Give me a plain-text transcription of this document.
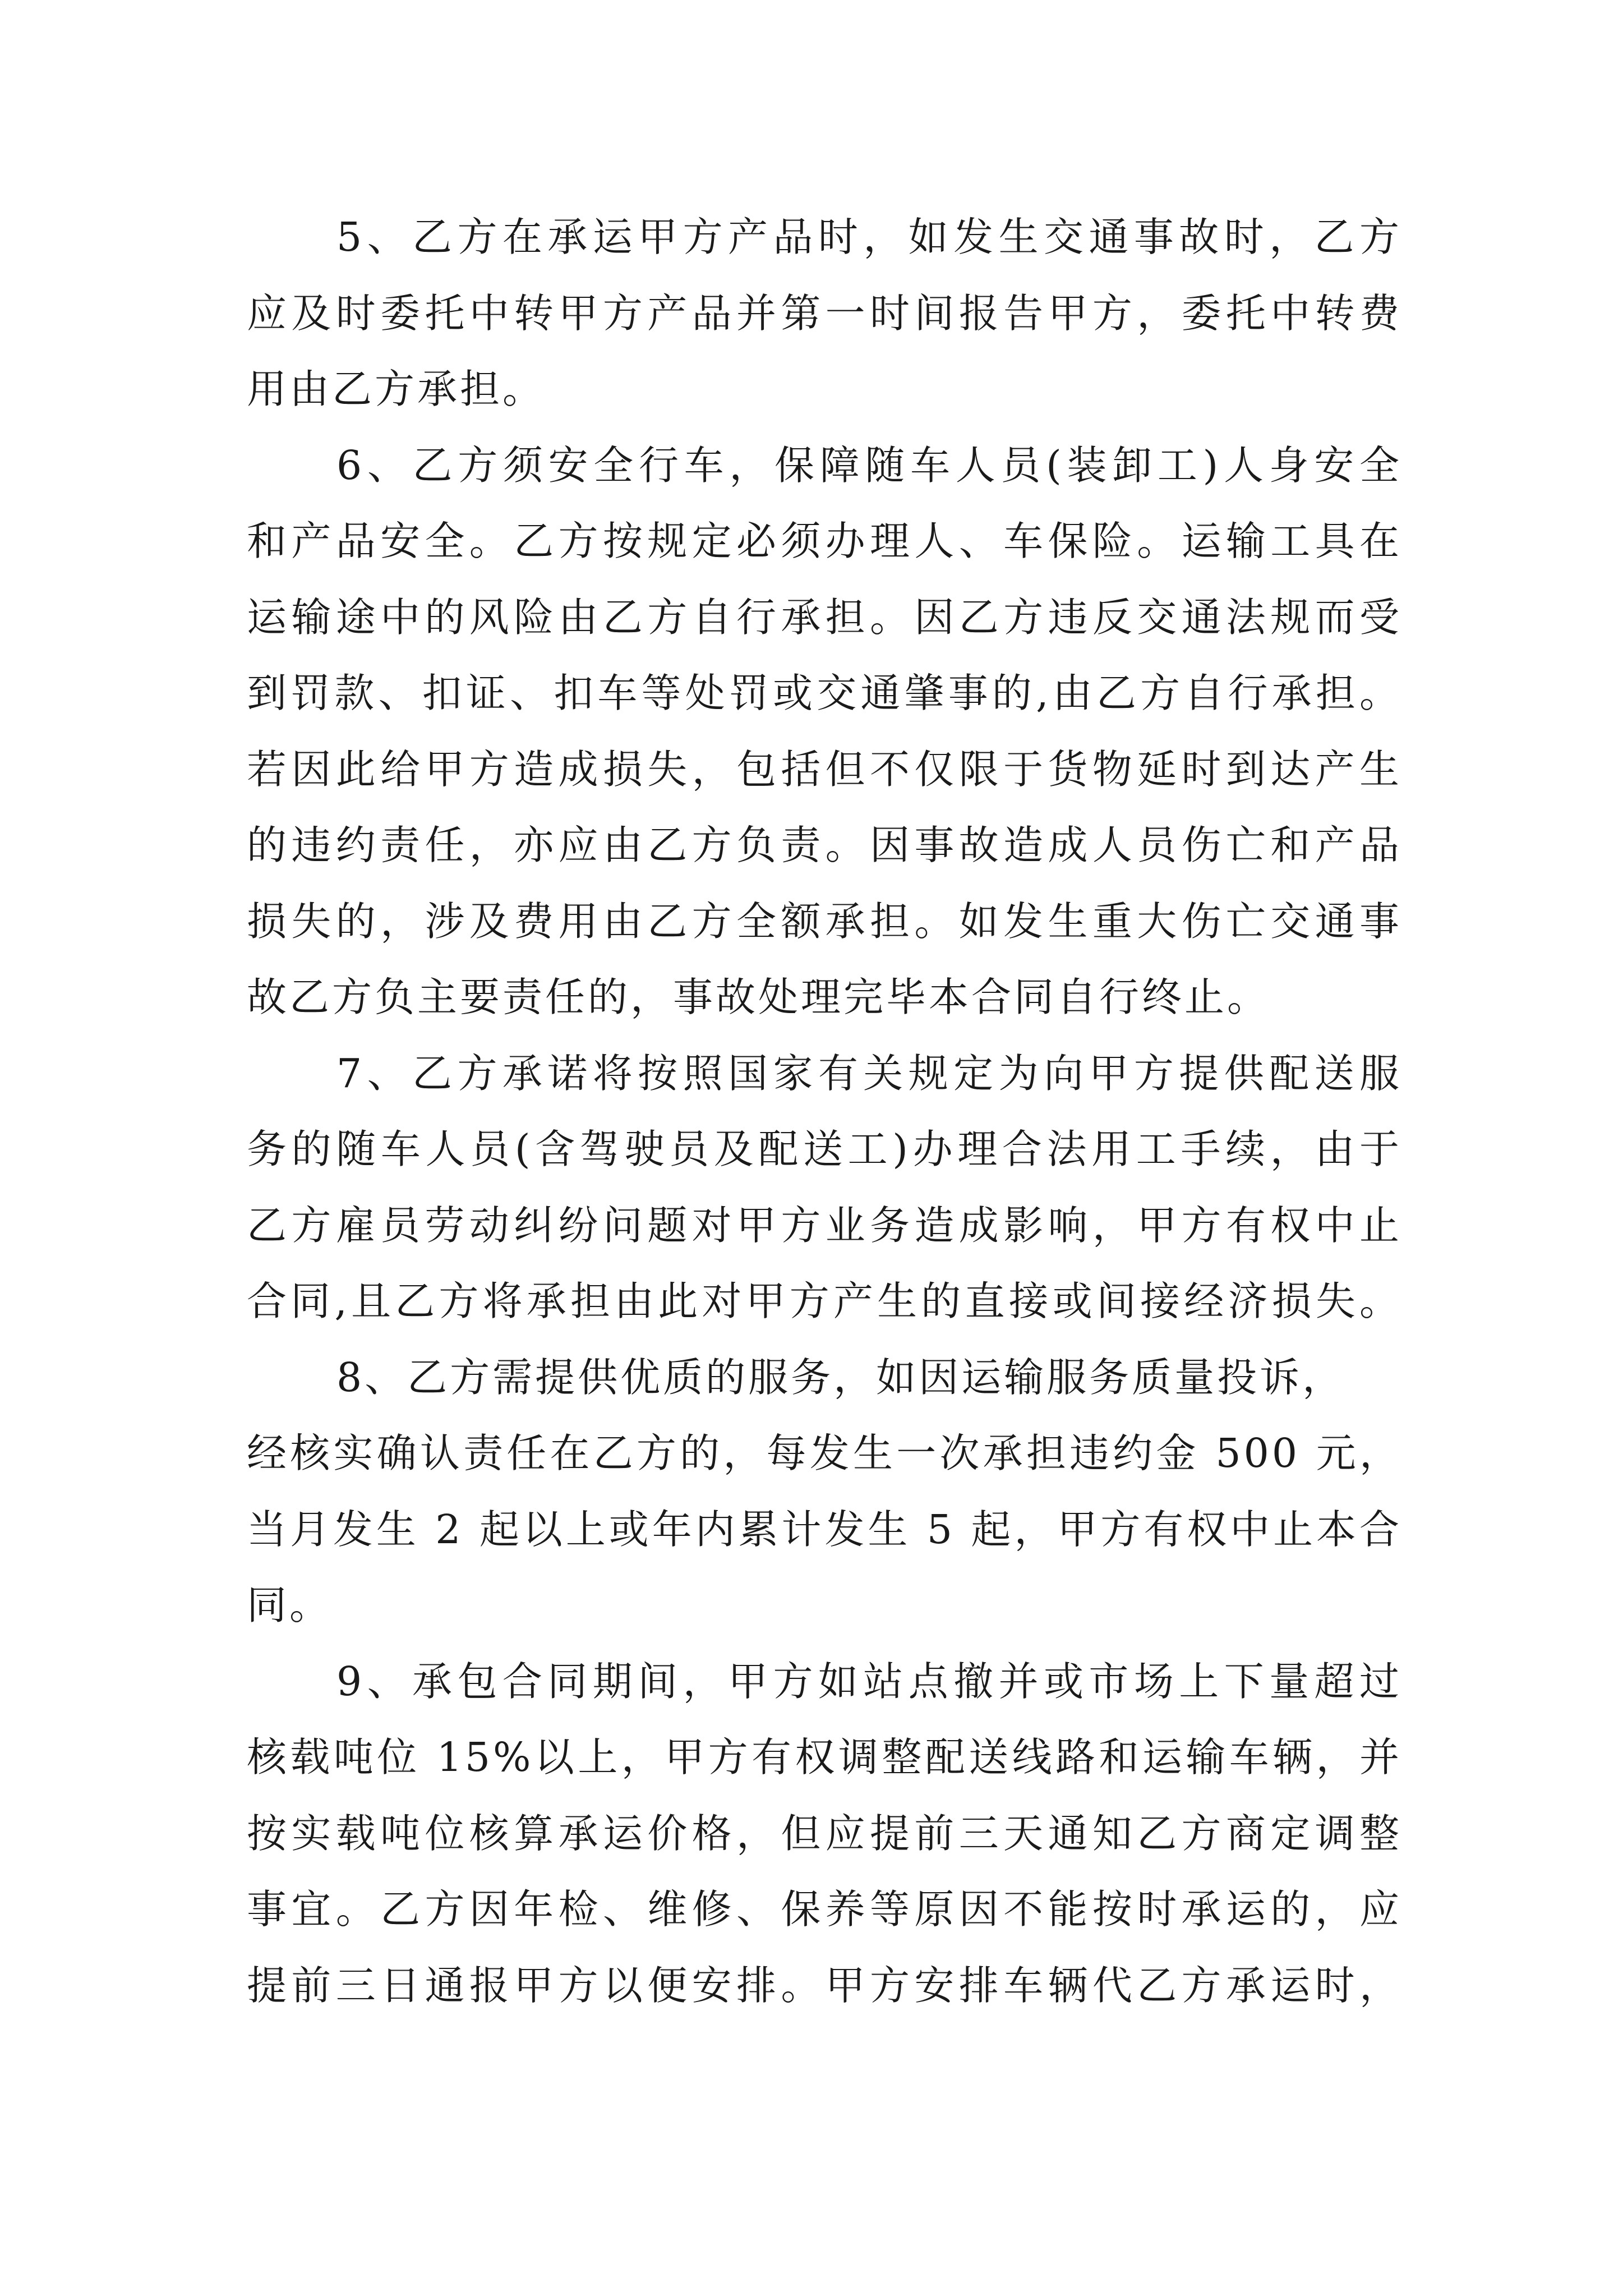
5、乙方在承运甲方产品时，如发生交通事故时，乙方
应及时委托中转甲方产品并第一时间报告甲方，委托中转费
用由乙方承担。
6、乙方须安全行车，保障随车人员(装卸工)人身安全
和产品安全。乙方按规定必须办理人、车保险。运输工具在
运输途中的风险由乙方自行承担。因乙方违反交通法规而受
到罚款、扣证、扣车等处罚或交通肇事的,由乙方自行承担。
若因此给甲方造成损失，包括但不仅限于货物延时到达产生
的违约责任，亦应由乙方负责。因事故造成人员伤亡和产品
损失的，涉及费用由乙方全额承担。如发生重大伤亡交通事
故乙方负主要责任的，事故处理完毕本合同自行终止。
7、乙方承诺将按照国家有关规定为向甲方提供配送服
务的随车人员(含驾驶员及配送工)办理合法用工手续，由于
乙方雇员劳动纠纷问题对甲方业务造成影响，甲方有权中止
合同,且乙方将承担由此对甲方产生的直接或间接经济损失。
8、乙方需提供优质的服务，如因运输服务质量投诉，
经核实确认责任在乙方的，每发生一次承担违约金 500 元，
当月发生 2 起以上或年内累计发生 5 起，甲方有权中止本合
同。
9、承包合同期间，甲方如站点撤并或市场上下量超过
核载吨位 15%以上，甲方有权调整配送线路和运输车辆，并
按实载吨位核算承运价格，但应提前三天通知乙方商定调整
事宜。乙方因年检、维修、保养等原因不能按时承运的，应
提前三日通报甲方以便安排。甲方安排车辆代乙方承运时，
